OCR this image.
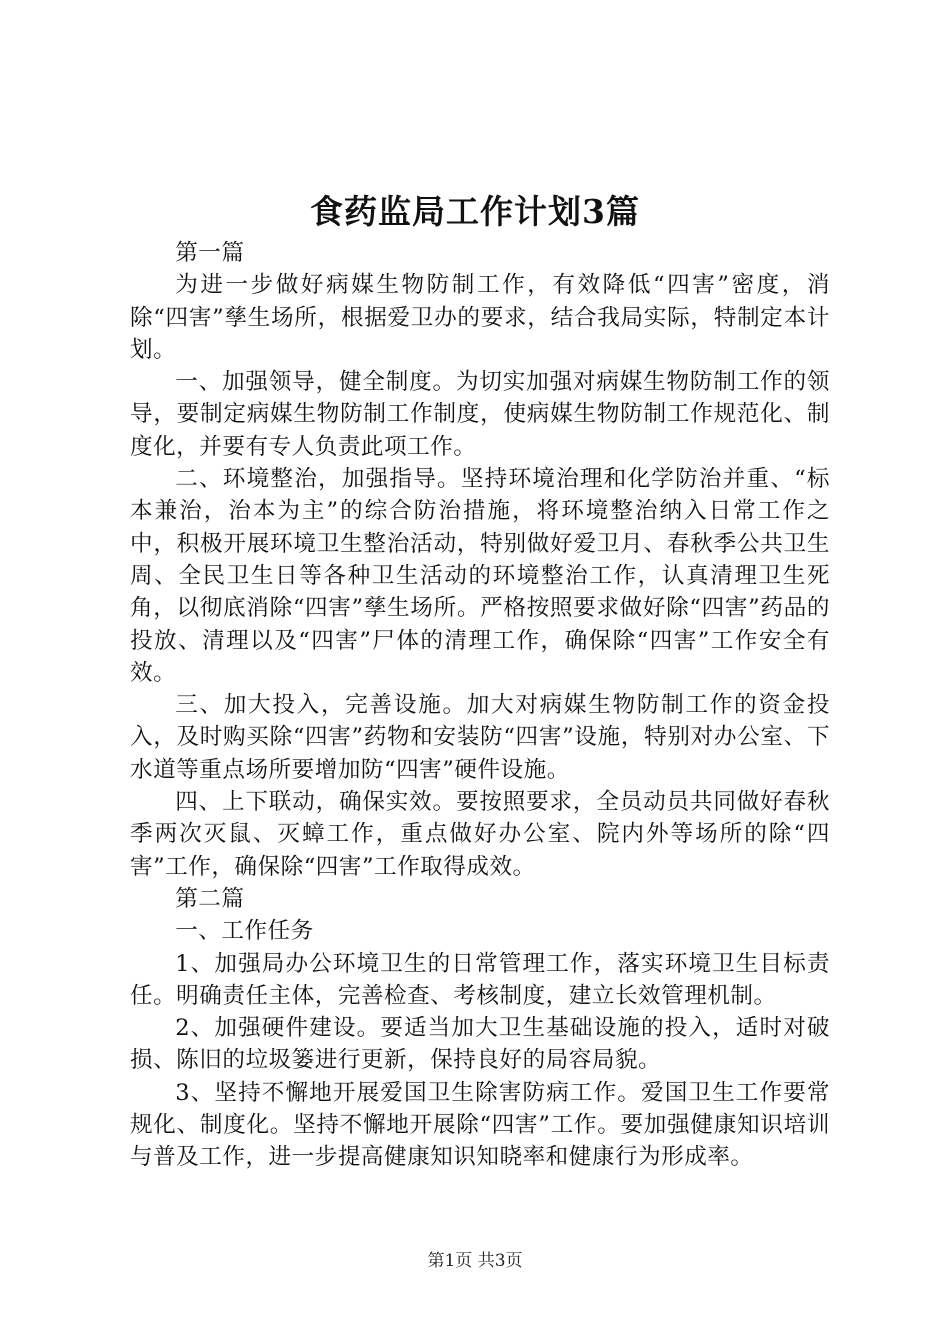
食药监局工作计划3篇

第一篇

为进一步做好病媒生物防制工作，有效降低“四害”密度，消除“四害”孳生场所，根据爱卫办的要求，结合我局实际，特制定本计划。

一、加强领导，健全制度。为切实加强对病媒生物防制工作的领导，要制定病媒生物防制工作制度，使病媒生物防制工作规范化、制度化，并要有专人负责此项工作。

二、环境整治，加强指导。坚持环境治理和化学防治并重、“标本兼治，治本为主”的综合防治措施，将环境整治纳入日常工作之中，积极开展环境卫生整治活动，特别做好爱卫月、春秋季公共卫生周、全民卫生日等各种卫生活动的环境整治工作，认真清理卫生死角，以彻底消除“四害”孳生场所。严格按照要求做好除“四害”药品的投放、清理以及“四害”尸体的清理工作，确保除“四害”工作安全有效。

三、加大投入，完善设施。加大对病媒生物防制工作的资金投入，及时购买除“四害”药物和安装防“四害”设施，特别对办公室、下水道等重点场所要增加防“四害”硬件设施。

四、上下联动，确保实效。要按照要求，全员动员共同做好春秋季两次灭鼠、灭蟑工作，重点做好办公室、院内外等场所的除“四害”工作，确保除“四害”工作取得成效。

第二篇

一、工作任务

1、加强局办公环境卫生的日常管理工作，落实环境卫生目标责任。明确责任主体，完善检查、考核制度，建立长效管理机制。

2、加强硬件建设。要适当加大卫生基础设施的投入，适时对破损、陈旧的垃圾篓进行更新，保持良好的局容局貌。

3、坚持不懈地开展爱国卫生除害防病工作。爱国卫生工作要常规化、制度化。坚持不懈地开展除“四害”工作。要加强健康知识培训与普及工作，进一步提高健康知识知晓率和健康行为形成率。

第1页 共3页
